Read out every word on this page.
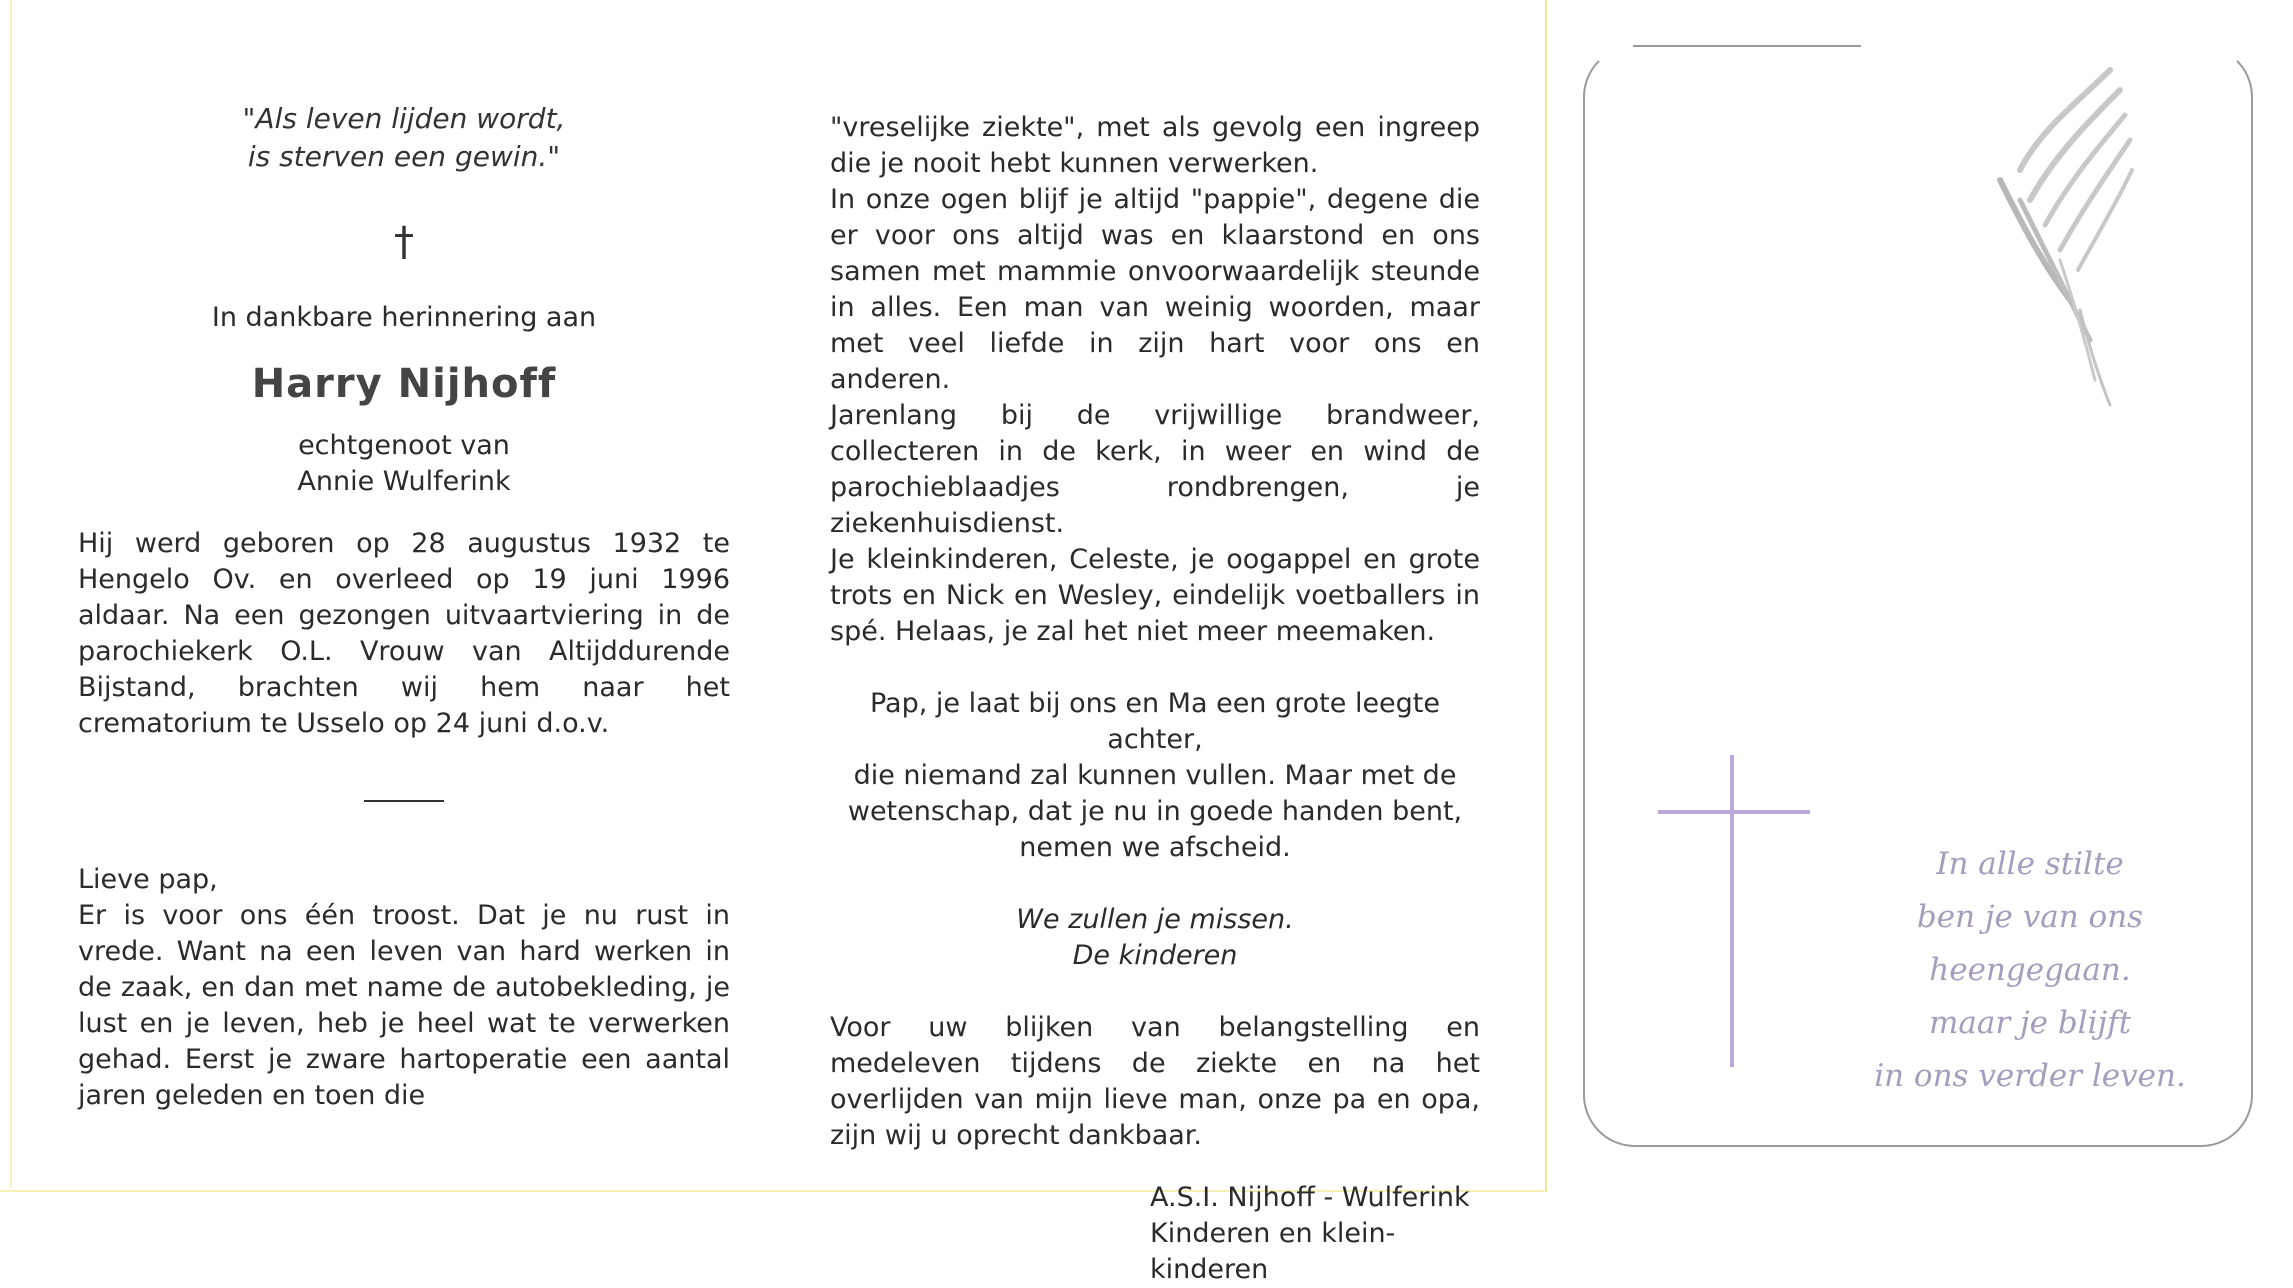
"Als leven lijden wordt,

is sterven een gewin."

†

In dankbare herinnering aan

Harry Nijhoff

echtgenoot van

Annie Wulferink

Hij werd geboren op 28 augustus 1932 te Hengelo Ov. en overleed op 19 juni 1996 aldaar. Na een gezongen uitvaartviering in de parochiekerk O.L. Vrouw van Altijddurende Bijstand, brachten wij hem naar het crematorium te Usselo op 24 juni d.o.v.

Lieve pap,

Er is voor ons één troost. Dat je nu rust in vrede. Want na een leven van hard werken in de zaak, en dan met name de autobekleding, je lust en je leven, heb je heel wat te verwerken gehad. Eerst je zware hartoperatie een aantal jaren geleden en toen die

"vreselijke ziekte", met als gevolg een ingreep die je nooit hebt kunnen verwerken.

In onze ogen blijf je altijd "pappie", degene die er voor ons altijd was en klaarstond en ons samen met mammie onvoorwaardelijk steunde in alles. Een man van weinig woorden, maar met veel liefde in zijn hart voor ons en anderen.

Jarenlang bij de vrijwillige brandweer, collecteren in de kerk, in weer en wind de parochieblaadjes rondbrengen, je ziekenhuisdienst.

Je kleinkinderen, Celeste, je oogappel en grote trots en Nick en Wesley, eindelijk voetballers in spé. Helaas, je zal het niet meer meemaken.

Pap, je laat bij ons en Ma een grote leegte achter,

die niemand zal kunnen vullen. Maar met de

wetenschap, dat je nu in goede handen bent,

nemen we afscheid.

We zullen je missen.

De kinderen

Voor uw blijken van belangstelling en medeleven tijdens de ziekte en na het overlijden van mijn lieve man, onze pa en opa, zijn wij u oprecht dankbaar.

A.S.I. Nijhoff - Wulferink

Kinderen en klein-

kinderen

In alle stilte

ben je van ons heengegaan.

maar je blijft

in ons verder leven.
